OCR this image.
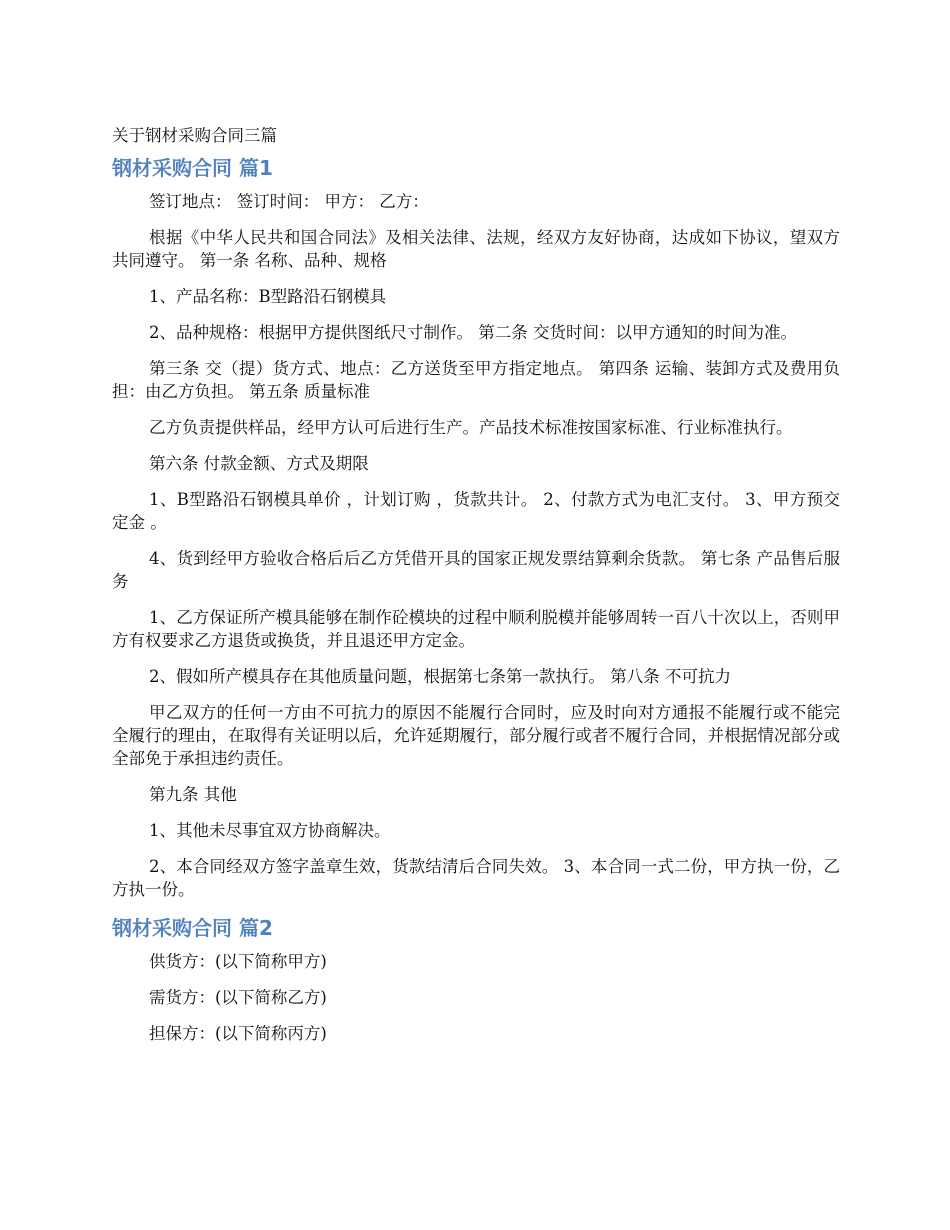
关于钢材采购合同三篇
钢材采购合同 篇1

签订地点： 签订时间： 甲方： 乙方：

根据《中华人民共和国合同法》及相关法律、法规，经双方友好协商，达成如下协议，望双方共同遵守。 第一条 名称、品种、规格

1、产品名称：B型路沿石钢模具

2、品种规格：根据甲方提供图纸尺寸制作。 第二条 交货时间：以甲方通知的时间为准。

第三条 交（提）货方式、地点：乙方送货至甲方指定地点。 第四条 运输、装卸方式及费用负担：由乙方负担。 第五条 质量标准

乙方负责提供样品，经甲方认可后进行生产。产品技术标准按国家标准、行业标准执行。

第六条 付款金额、方式及期限

1、B型路沿石钢模具单价 ，计划订购 ，货款共计。 2、付款方式为电汇支付。 3、甲方预交定金 。

4、货到经甲方验收合格后后乙方凭借开具的国家正规发票结算剩余货款。 第七条 产品售后服务

1、乙方保证所产模具能够在制作砼模块的过程中顺利脱模并能够周转一百八十次以上，否则甲方有权要求乙方退货或换货，并且退还甲方定金。

2、假如所产模具存在其他质量问题，根据第七条第一款执行。 第八条 不可抗力

甲乙双方的任何一方由不可抗力的原因不能履行合同时，应及时向对方通报不能履行或不能完全履行的理由，在取得有关证明以后，允许延期履行，部分履行或者不履行合同，并根据情况部分或全部免于承担违约责任。

第九条 其他

1、其他未尽事宜双方协商解决。

2、本合同经双方签字盖章生效，货款结清后合同失效。 3、本合同一式二份，甲方执一份，乙方执一份。

钢材采购合同 篇2

供货方：(以下简称甲方)

需货方：(以下简称乙方)

担保方：(以下简称丙方)
